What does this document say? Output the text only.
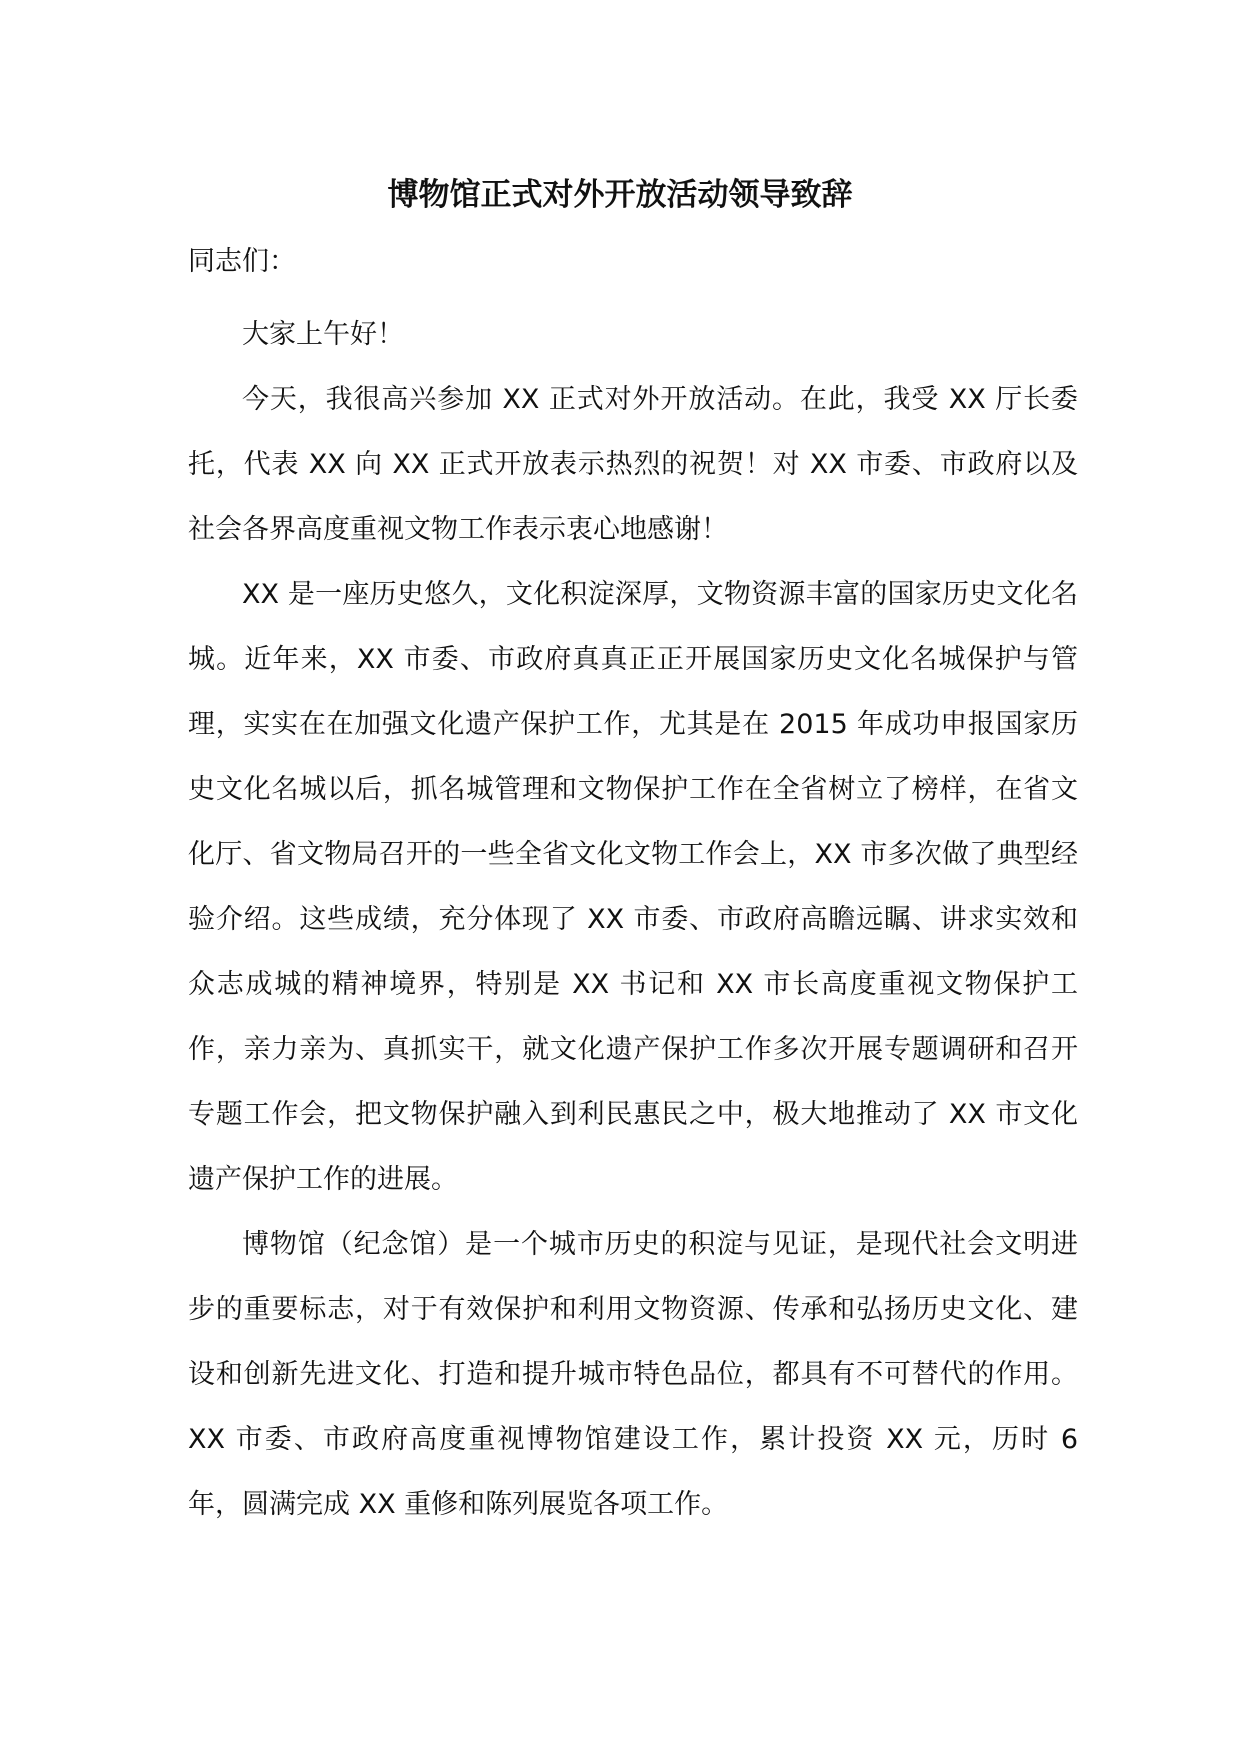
博物馆正式对外开放活动领导致辞

同志们：

大家上午好！

今天，我很高兴参加 XX 正式对外开放活动。在此，我受 XX 厅长委托，代表 XX 向 XX 正式开放表示热烈的祝贺！对 XX 市委、市政府以及社会各界高度重视文物工作表示衷心地感谢！

XX 是一座历史悠久，文化积淀深厚，文物资源丰富的国家历史文化名城。近年来，XX 市委、市政府真真正正开展国家历史文化名城保护与管理，实实在在加强文化遗产保护工作，尤其是在 2015 年成功申报国家历史文化名城以后，抓名城管理和文物保护工作在全省树立了榜样，在省文化厅、省文物局召开的一些全省文化文物工作会上，XX 市多次做了典型经验介绍。这些成绩，充分体现了 XX 市委、市政府高瞻远瞩、讲求实效和众志成城的精神境界，特别是 XX 书记和 XX 市长高度重视文物保护工作，亲力亲为、真抓实干，就文化遗产保护工作多次开展专题调研和召开专题工作会，把文物保护融入到利民惠民之中，极大地推动了 XX 市文化遗产保护工作的进展。

博物馆（纪念馆）是一个城市历史的积淀与见证，是现代社会文明进步的重要标志，对于有效保护和利用文物资源、传承和弘扬历史文化、建设和创新先进文化、打造和提升城市特色品位，都具有不可替代的作用。XX 市委、市政府高度重视博物馆建设工作，累计投资 XX 元，历时 6 年，圆满完成 XX 重修和陈列展览各项工作。
